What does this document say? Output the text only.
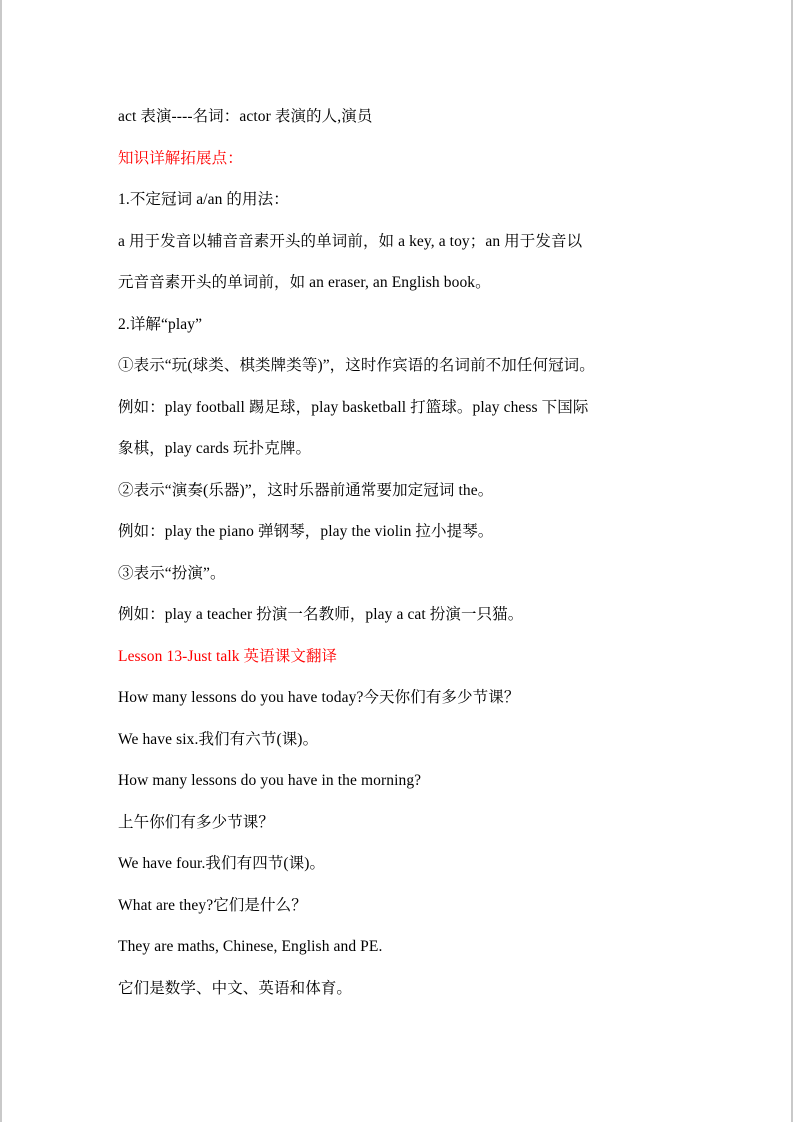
act 表演----名词：actor 表演的人,演员
知识详解拓展点：
1.不定冠词 a/an 的用法：
a 用于发音以辅音音素开头的单词前，如 a key, a toy；an 用于发音以
元音音素开头的单词前，如 an eraser, an English book。
2.详解“play”
①表示“玩(球类、棋类牌类等)”，这时作宾语的名词前不加任何冠词。
例如：play football 踢足球，play basketball 打篮球。play chess 下国际
象棋，play cards 玩扑克牌。
②表示“演奏(乐器)”，这时乐器前通常要加定冠词 the。
例如：play the piano 弹钢琴，play the violin 拉小提琴。
③表示“扮演”。
例如：play a teacher 扮演一名教师，play a cat 扮演一只猫。
Lesson 13-Just talk 英语课文翻译
How many lessons do you have today?今天你们有多少节课？
We have six.我们有六节(课)。
How many lessons do you have in the morning?
上午你们有多少节课？
We have four.我们有四节(课)。
What are they?它们是什么？
They are maths, Chinese, English and PE.
它们是数学、中文、英语和体育。
